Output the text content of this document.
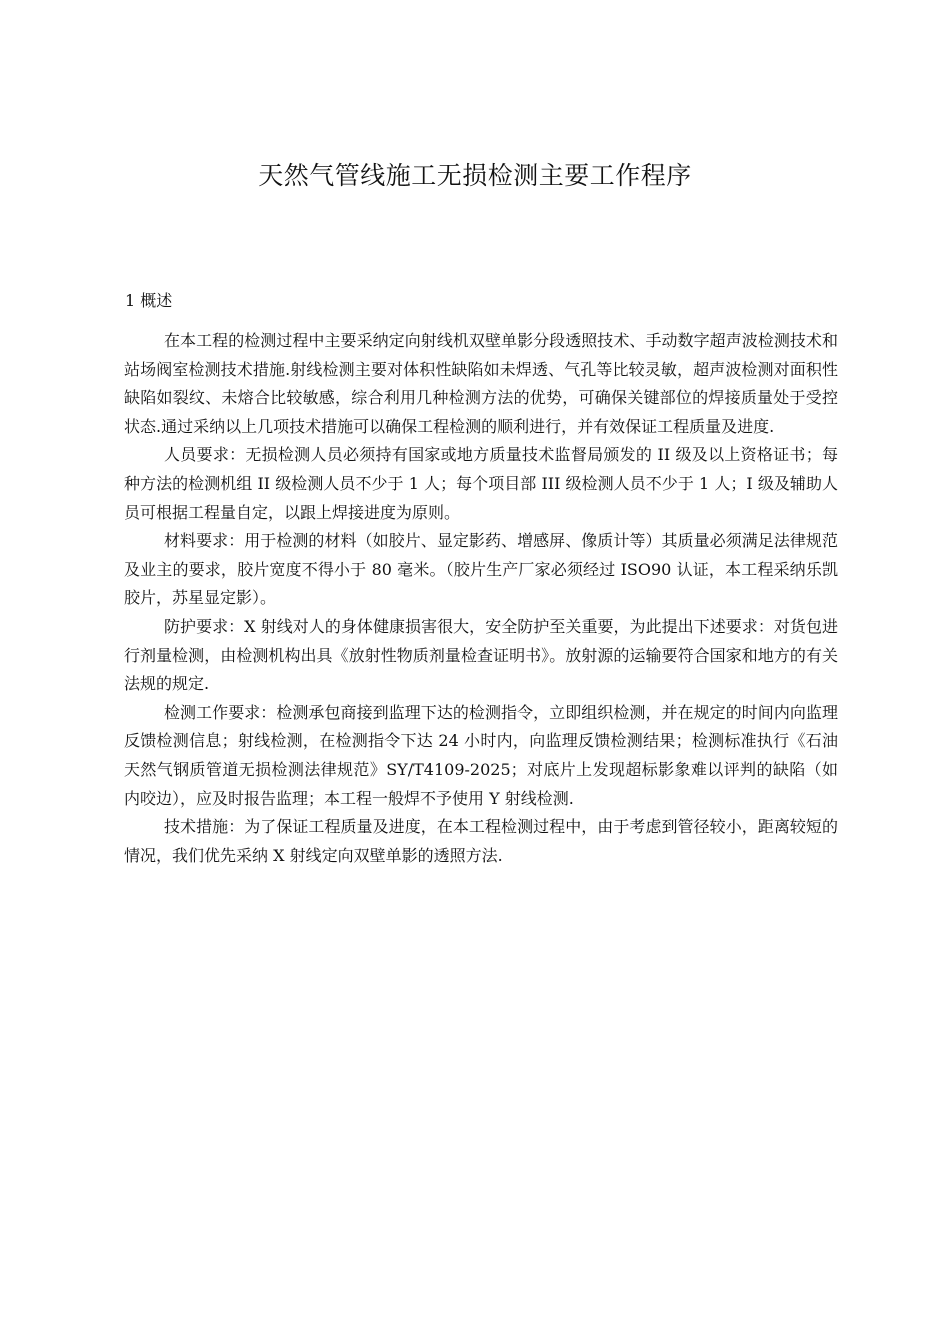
天然气管线施工无损检测主要工作程序
1 概述

在本工程的检测过程中主要采纳定向射线机双壁单影分段透照技术、手动数字超声波检测技术和站场阀室检测技术措施.射线检测主要对体积性缺陷如未焊透、气孔等比较灵敏，超声波检测对面积性缺陷如裂纹、未熔合比较敏感，综合利用几种检测方法的优势，可确保关键部位的焊接质量处于受控状态.通过采纳以上几项技术措施可以确保工程检测的顺利进行，并有效保证工程质量及进度.

人员要求：无损检测人员必须持有国家或地方质量技术监督局颁发的 II 级及以上资格证书；每种方法的检测机组 II 级检测人员不少于 1 人；每个项目部 III 级检测人员不少于 1 人；I 级及辅助人员可根据工程量自定，以跟上焊接进度为原则。

材料要求：用于检测的材料（如胶片、显定影药、增感屏、像质计等）其质量必须满足法律规范及业主的要求，胶片宽度不得小于 80 毫米。（胶片生产厂家必须经过 ISO90 认证，本工程采纳乐凯胶片，苏星显定影）。

防护要求：X 射线对人的身体健康损害很大，安全防护至关重要，为此提出下述要求：对货包进行剂量检测，由检测机构出具《放射性物质剂量检查证明书》。放射源的运输要符合国家和地方的有关法规的规定.

检测工作要求：检测承包商接到监理下达的检测指令，立即组织检测，并在规定的时间内向监理反馈检测信息；射线检测，在检测指令下达 24 小时内，向监理反馈检测结果；检测标准执行《石油天然气钢质管道无损检测法律规范》SY/T4109-2025；对底片上发现超标影象难以评判的缺陷（如内咬边），应及时报告监理；本工程一般焊不予使用 Y 射线检测.

技术措施：为了保证工程质量及进度，在本工程检测过程中，由于考虑到管径较小，距离较短的情况，我们优先采纳 X 射线定向双壁单影的透照方法.
